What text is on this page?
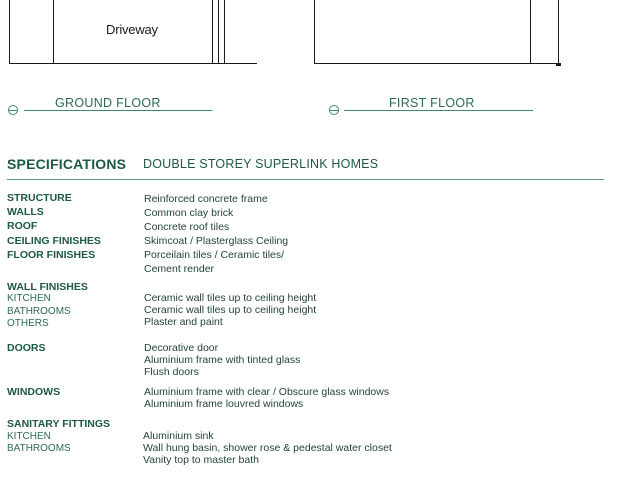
Driveway
GROUND FLOOR	FIRST FLOOR
SPECIFICATIONS DOUBLE STOREY SUPERLINK HOMES
STRUCTURE	Reinforced concrete frame
WALLS	Common clay brick
ROOF	Concrete roof tiles
CEILING FINISHES	Skimcoat / Plasterglass Ceiling
FLOOR FINISHES	Porceilain tiles / Ceramic tiles/
Cement render
WALL FINISHES
KITCHEN	Ceramic wall tiles up to ceiling height
BATHROOMS	Ceramic wall tiles up to ceiling height
OTHERS	Plaster and paint
DOORS	Decorative door
Aluminium frame with tinted glass
Flush doors
WINDOWS	Aluminium frame with clear / Obscure glass windows
Aluminium frame louvred windows
SANITARY FITTINGS
KITCHEN	Aluminium sink
BATHROOMS	Wall hung basin, shower rose & pedestal water closet
Vanity top to master bath
